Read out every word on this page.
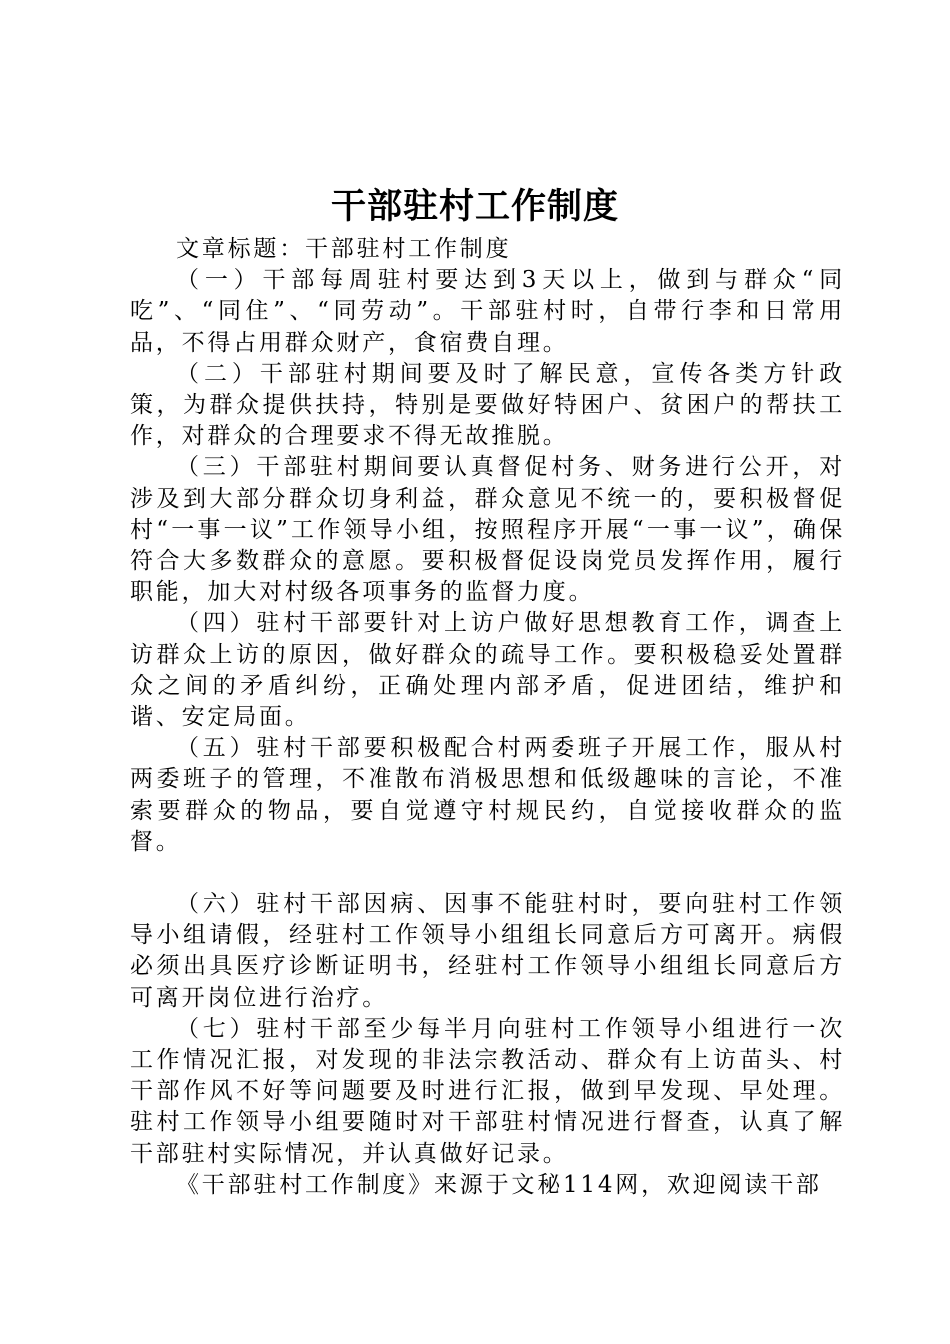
干部驻村工作制度

文章标题：干部驻村工作制度

（一）干部每周驻村要达到3天以上，做到与群众“同吃”、“同住”、“同劳动”。干部驻村时，自带行李和日常用品，不得占用群众财产，食宿费自理。

（二）干部驻村期间要及时了解民意，宣传各类方针政策，为群众提供扶持，特别是要做好特困户、贫困户的帮扶工作，对群众的合理要求不得无故推脱。

（三）干部驻村期间要认真督促村务、财务进行公开，对涉及到大部分群众切身利益，群众意见不统一的，要积极督促村“一事一议”工作领导小组，按照程序开展“一事一议”，确保符合大多数群众的意愿。要积极督促设岗党员发挥作用，履行职能，加大对村级各项事务的监督力度。

（四）驻村干部要针对上访户做好思想教育工作，调查上访群众上访的原因，做好群众的疏导工作。要积极稳妥处置群众之间的矛盾纠纷，正确处理内部矛盾，促进团结，维护和谐、安定局面。

（五）驻村干部要积极配合村两委班子开展工作，服从村两委班子的管理，不准散布消极思想和低级趣味的言论，不准索要群众的物品，要自觉遵守村规民约，自觉接收群众的监督。

（六）驻村干部因病、因事不能驻村时，要向驻村工作领导小组请假，经驻村工作领导小组组长同意后方可离开。病假必须出具医疗诊断证明书，经驻村工作领导小组组长同意后方可离开岗位进行治疗。

（七）驻村干部至少每半月向驻村工作领导小组进行一次工作情况汇报，对发现的非法宗教活动、群众有上访苗头、村干部作风不好等问题要及时进行汇报，做到早发现、早处理。驻村工作领导小组要随时对干部驻村情况进行督查，认真了解干部驻村实际情况，并认真做好记录。

《干部驻村工作制度》来源于文秘114网，欢迎阅读干部
